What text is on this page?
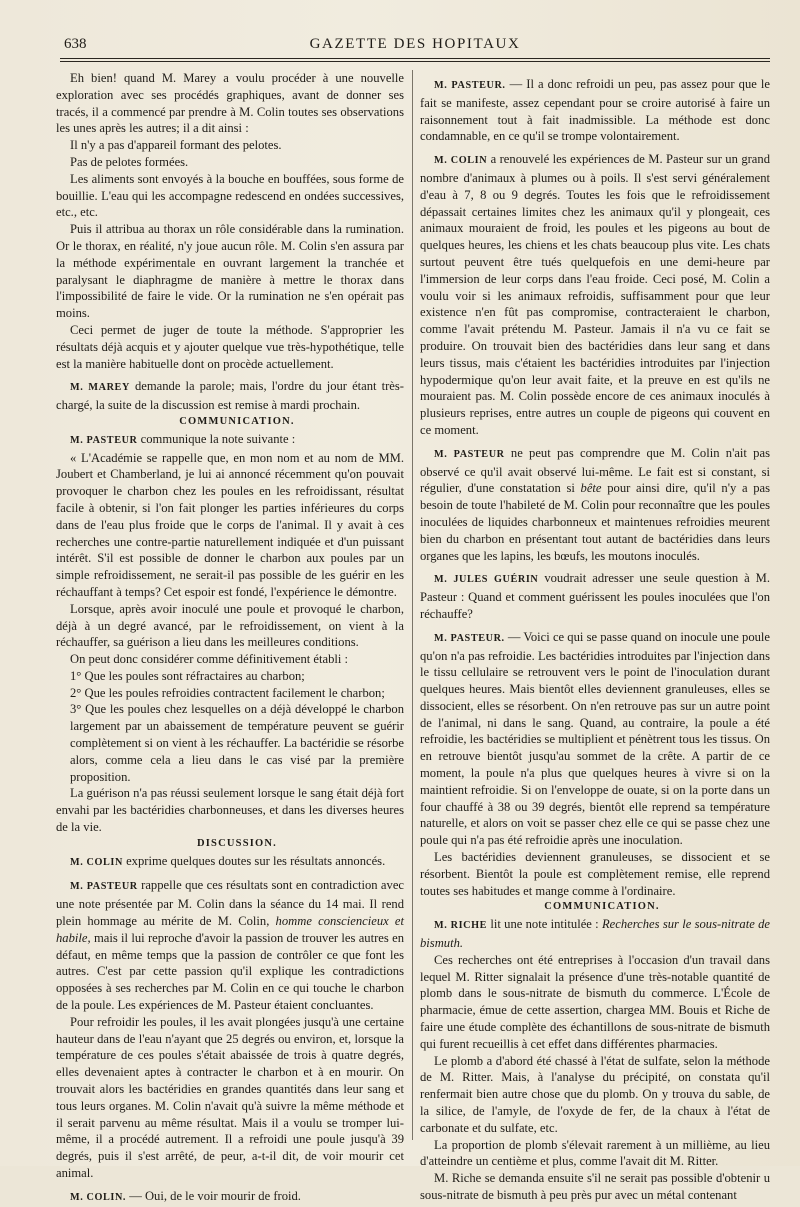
638	GAZETTE DES HOPITAUX

Eh bien! quand M. Marey a voulu procéder à une nouvelle exploration avec ses procédés graphiques, avant de donner ses tracés, il a commencé par prendre à M. Colin toutes ses observations les unes après les autres; il a dit ainsi :

Il n'y a pas d'appareil formant des pelotes.

Pas de pelotes formées.

Les aliments sont envoyés à la bouche en bouffées, sous forme de bouillie. L'eau qui les accompagne redescend en ondées successives, etc., etc.

Puis il attribua au thorax un rôle considérable dans la rumination. Or le thorax, en réalité, n'y joue aucun rôle. M. Colin s'en assura par la méthode expérimentale en ouvrant largement la tranchée et paralysant le diaphragme de manière à mettre le thorax dans l'impossibilité de faire le vide. Or la rumination ne s'en opérait pas moins.

Ceci permet de juger de toute la méthode. S'approprier les résultats déjà acquis et y ajouter quelque vue très-hypothétique, telle est la manière habituelle dont on procède actuellement.

M. MAREY demande la parole; mais, l'ordre du jour étant très-chargé, la suite de la discussion est remise à mardi prochain.

COMMUNICATION.

M. PASTEUR communique la note suivante :

« L'Académie se rappelle que, en mon nom et au nom de MM. Joubert et Chamberland, je lui ai annoncé récemment qu'on pouvait provoquer le charbon chez les poules en les refroidissant, résultat facile à obtenir, si l'on fait plonger les parties inférieures du corps dans de l'eau plus froide que le corps de l'animal. Il y avait à ces recherches une contre-partie naturellement indiquée et d'un puissant intérêt. S'il est possible de donner le charbon aux poules par un simple refroidissement, ne serait-il pas possible de les guérir en les réchauffant à temps? Cet espoir est fondé, l'expérience le démontre.

Lorsque, après avoir inoculé une poule et provoqué le charbon, déjà à un degré avancé, par le refroidissement, on vient à la réchauffer, sa guérison a lieu dans les meilleures conditions.

On peut donc considérer comme définitivement établi :

1° Que les poules sont réfractaires au charbon;

2° Que les poules refroidies contractent facilement le charbon;

3° Que les poules chez lesquelles on a déjà développé le charbon largement par un abaissement de température peuvent se guérir complètement si on vient à les réchauffer. La bactéridie se résorbe alors, comme cela a lieu dans le cas visé par la première proposition.

La guérison n'a pas réussi seulement lorsque le sang était déjà fort envahi par les bactéridies charbonneuses, et dans les diverses heures de la vie.

DISCUSSION.

M. COLIN exprime quelques doutes sur les résultats annoncés.

M. PASTEUR rappelle que ces résultats sont en contradiction avec une note présentée par M. Colin dans la séance du 14 mai. Il rend plein hommage au mérite de M. Colin, homme consciencieux et habile, mais il lui reproche d'avoir la passion de trouver les autres en défaut, en même temps que la passion de contrôler ce que font les autres. C'est par cette passion qu'il explique les contradictions opposées à ses recherches par M. Colin en ce qui touche le charbon de la poule. Les expériences de M. Pasteur étaient concluantes.

Pour refroidir les poules, il les avait plongées jusqu'à une certaine hauteur dans de l'eau n'ayant que 25 degrés ou environ, et, lorsque la température de ces poules s'était abaissée de trois à quatre degrés, elles devenaient aptes à contracter le charbon et à en mourir. On trouvait alors les bactéridies en grandes quantités dans leur sang et tous leurs organes. M. Colin n'avait qu'à suivre la même méthode et il serait parvenu au même résultat. Mais il a voulu se tromper lui-même, il a procédé autrement. Il a refroidi une poule jusqu'à 39 degrés, puis il s'est arrêté, de peur, a-t-il dit, de voir mourir cet animal.

M. COLIN. — Oui, de le voir mourir de froid.

M. PASTEUR. — Il a donc refroidi un peu, pas assez pour que le fait se manifeste, assez cependant pour se croire autorisé à faire un raisonnement tout à fait inadmissible. La méthode est donc condamnable, en ce qu'il se trompe volontairement.

M. COLIN a renouvelé les expériences de M. Pasteur sur un grand nombre d'animaux à plumes ou à poils. Il s'est servi généralement d'eau à 7, 8 ou 9 degrés. Toutes les fois que le refroidissement dépassait certaines limites chez les animaux qu'il y plongeait, ces animaux mouraient de froid, les poules et les pigeons au bout de quelques heures, les chiens et les chats beaucoup plus vite. Les chats surtout peuvent être tués quelquefois en une demi-heure par l'immersion de leur corps dans l'eau froide. Ceci posé, M. Colin a voulu voir si les animaux refroidis, suffisamment pour que leur existence n'en fût pas compromise, contracteraient le charbon, comme l'avait prétendu M. Pasteur. Jamais il n'a vu ce fait se produire. On trouvait bien des bactéridies dans leur sang et dans leurs tissus, mais c'étaient les bactéridies introduites par l'injection hypodermique qu'on leur avait faite, et la preuve en est qu'ils ne mouraient pas. M. Colin possède encore de ces animaux inoculés à plusieurs reprises, entre autres un couple de pigeons qui couvent en ce moment.

M. PASTEUR ne peut pas comprendre que M. Colin n'ait pas observé ce qu'il avait observé lui-même. Le fait est si constant, si régulier, d'une constatation si bête pour ainsi dire, qu'il n'y a pas besoin de toute l'habileté de M. Colin pour reconnaître que les poules inoculées de liquides charbonneux et maintenues refroidies meurent bien du charbon en présentant tout autant de bactéridies dans leurs organes que les lapins, les bœufs, les moutons inoculés.

M. JULES GUÉRIN voudrait adresser une seule question à M. Pasteur : Quand et comment guérissent les poules inoculées que l'on réchauffe?

M. PASTEUR. — Voici ce qui se passe quand on inocule une poule qu'on n'a pas refroidie. Les bactéridies introduites par l'injection dans le tissu cellulaire se retrouvent vers le point de l'inoculation durant quelques heures. Mais bientôt elles deviennent granuleuses, elles se dissocient, elles se résorbent. On n'en retrouve pas sur un autre point de l'animal, ni dans le sang. Quand, au contraire, la poule a été refroidie, les bactéridies se multiplient et pénètrent tous les tissus. On en retrouve bientôt jusqu'au sommet de la crête. A partir de ce moment, la poule n'a plus que quelques heures à vivre si on la maintient refroidie. Si on l'enveloppe de ouate, si on la porte dans un four chauffé à 38 ou 39 degrés, bientôt elle reprend sa température naturelle, et alors on voit se passer chez elle ce qui se passe chez une poule qui n'a pas été refroidie après une inoculation.

Les bactéridies deviennent granuleuses, se dissocient et se résorbent. Bientôt la poule est complètement remise, elle reprend toutes ses habitudes et mange comme à l'ordinaire.

COMMUNICATION.

M. RICHE lit une note intitulée : Recherches sur le sous-nitrate de bismuth.

Ces recherches ont été entreprises à l'occasion d'un travail dans lequel M. Ritter signalait la présence d'une très-notable quantité de plomb dans le sous-nitrate de bismuth du commerce. L'École de pharmacie, émue de cette assertion, chargea MM. Bouis et Riche de faire une étude complète des échantillons de sous-nitrate de bismuth qui furent recueillis à cet effet dans différentes pharmacies.

Le plomb a d'abord été chassé à l'état de sulfate, selon la méthode de M. Ritter. Mais, à l'analyse du précipité, on constata qu'il renfermait bien autre chose que du plomb. On y trouva du sable, de la silice, de l'amyle, de l'oxyde de fer, de la chaux à l'état de carbonate et du sulfate, etc.

La proportion de plomb s'élevait rarement à un millième, au lieu d'atteindre un centième et plus, comme l'avait dit M. Ritter.

M. Riche se demanda ensuite s'il ne serait pas possible d'obtenir u sous-nitrate de bismuth à peu près pur avec un métal contenant
